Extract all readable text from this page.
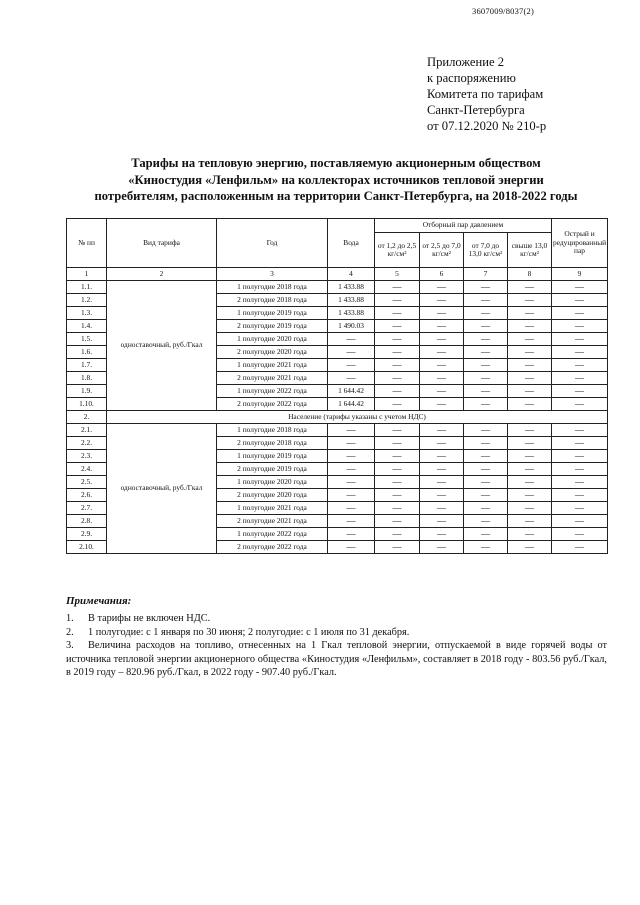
3607009/8037(2)
Приложение 2
к распоряжению
Комитета по тарифам
Санкт-Петербурга
от 07.12.2020 № 210-р
Тарифы на тепловую энергию, поставляемую акционерным обществом
«Киностудия «Ленфильм» на коллекторах источников тепловой энергии
потребителям, расположенным на территории Санкт-Петербурга, на 2018-2022 годы
№ пп	Вид тарифа	Год	Вода	Отборный пар давлением				Острый и редуцированный пар
				от 1,2 до 2,5 кг/см²	от 2,5 до 7,0 кг/см²	от 7,0 до 13,0 кг/см²	свыше 13,0 кг/см²	
1	2	3	4	5	6	7	8	9
1.1.	одноставочный, руб./Гкал	1 полугодие 2018 года	1 433.88	—	—	—	—	—
1.2.		2 полугодие 2018 года	1 433.88	—	—	—	—	—
1.3.		1 полугодие 2019 года	1 433.88	—	—	—	—	—
1.4.		2 полугодие 2019 года	1 490.03	—	—	—	—	—
1.5.		1 полугодие 2020 года	—	—	—	—	—	—
1.6.		2 полугодие 2020 года	—	—	—	—	—	—
1.7.		1 полугодие 2021 года	—	—	—	—	—	—
1.8.		2 полугодие 2021 года	—	—	—	—	—	—
1.9.		1 полугодие 2022 года	1 644.42	—	—	—	—	—
1.10.		2 полугодие 2022 года	1 644.42	—	—	—	—	—
2.	Население (тарифы указаны с учетом НДС)							
2.1.	одноставочный, руб./Гкал	1 полугодие 2018 года	—	—	—	—	—	—
2.2.		2 полугодие 2018 года	—	—	—	—	—	—
2.3.		1 полугодие 2019 года	—	—	—	—	—	—
2.4.		2 полугодие 2019 года	—	—	—	—	—	—
2.5.		1 полугодие 2020 года	—	—	—	—	—	—
2.6.		2 полугодие 2020 года	—	—	—	—	—	—
2.7.		1 полугодие 2021 года	—	—	—	—	—	—
2.8.		2 полугодие 2021 года	—	—	—	—	—	—
2.9.		1 полугодие 2022 года	—	—	—	—	—	—
2.10.		2 полугодие 2022 года	—	—	—	—	—	—
Примечания:

1. В тарифы не включен НДС.

2. 1 полугодие: с 1 января по 30 июня; 2 полугодие: с 1 июля по 31 декабря.

3. Величина расходов на топливо, отнесенных на 1 Гкал тепловой энергии, отпускаемой в виде горячей воды от источника тепловой энергии акционерного общества «Киностудия «Ленфильм», составляет в 2018 году - 803.56 руб./Гкал, в 2019 году – 820.96 руб./Гкал, в 2022 году - 907.40 руб./Гкал.
